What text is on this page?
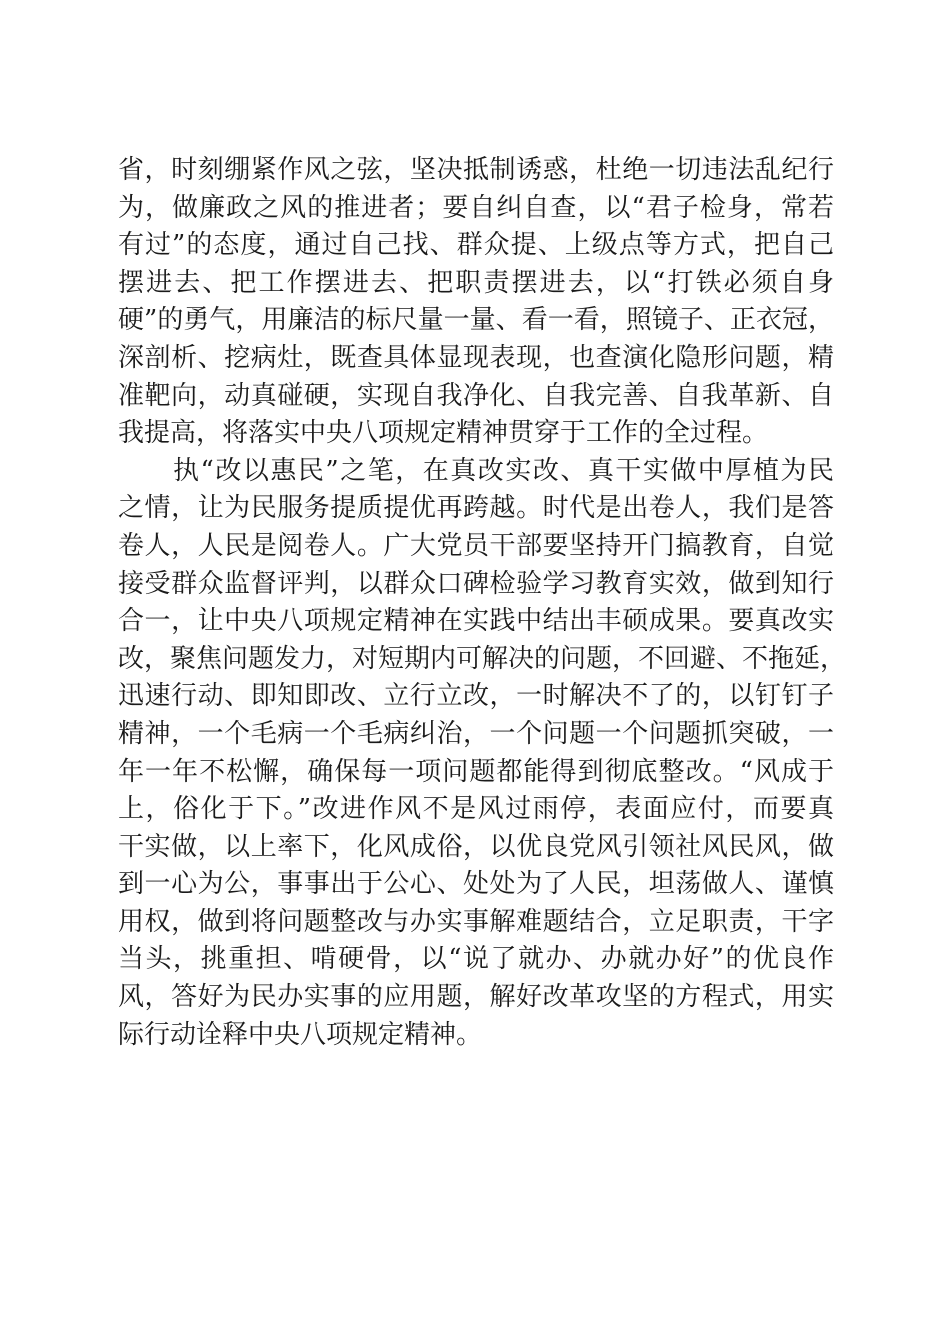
省，时刻绷紧作风之弦，坚决抵制诱惑，杜绝一切违法乱纪行
为，做廉政之风的推进者；要自纠自查，以“君子检身，常若
有过”的态度，通过自己找、群众提、上级点等方式，把自己
摆进去、把工作摆进去、把职责摆进去，以“打铁必须自身
硬”的勇气，用廉洁的标尺量一量、看一看，照镜子、正衣冠，
深剖析、挖病灶，既查具体显现表现，也查演化隐形问题，精
准靶向，动真碰硬，实现自我净化、自我完善、自我革新、自
我提高，将落实中央八项规定精神贯穿于工作的全过程。
　　执“改以惠民”之笔，在真改实改、真干实做中厚植为民
之情，让为民服务提质提优再跨越。时代是出卷人，我们是答
卷人，人民是阅卷人。广大党员干部要坚持开门搞教育，自觉
接受群众监督评判，以群众口碑检验学习教育实效，做到知行
合一，让中央八项规定精神在实践中结出丰硕成果。要真改实
改，聚焦问题发力，对短期内可解决的问题，不回避、不拖延，
迅速行动、即知即改、立行立改，一时解决不了的，以钉钉子
精神，一个毛病一个毛病纠治，一个问题一个问题抓突破，一
年一年不松懈，确保每一项问题都能得到彻底整改。“风成于
上，俗化于下。”改进作风不是风过雨停，表面应付，而要真
干实做，以上率下，化风成俗，以优良党风引领社风民风，做
到一心为公，事事出于公心、处处为了人民，坦荡做人、谨慎
用权，做到将问题整改与办实事解难题结合，立足职责，干字
当头，挑重担、啃硬骨，以“说了就办、办就办好”的优良作
风，答好为民办实事的应用题，解好改革攻坚的方程式，用实
际行动诠释中央八项规定精神。
